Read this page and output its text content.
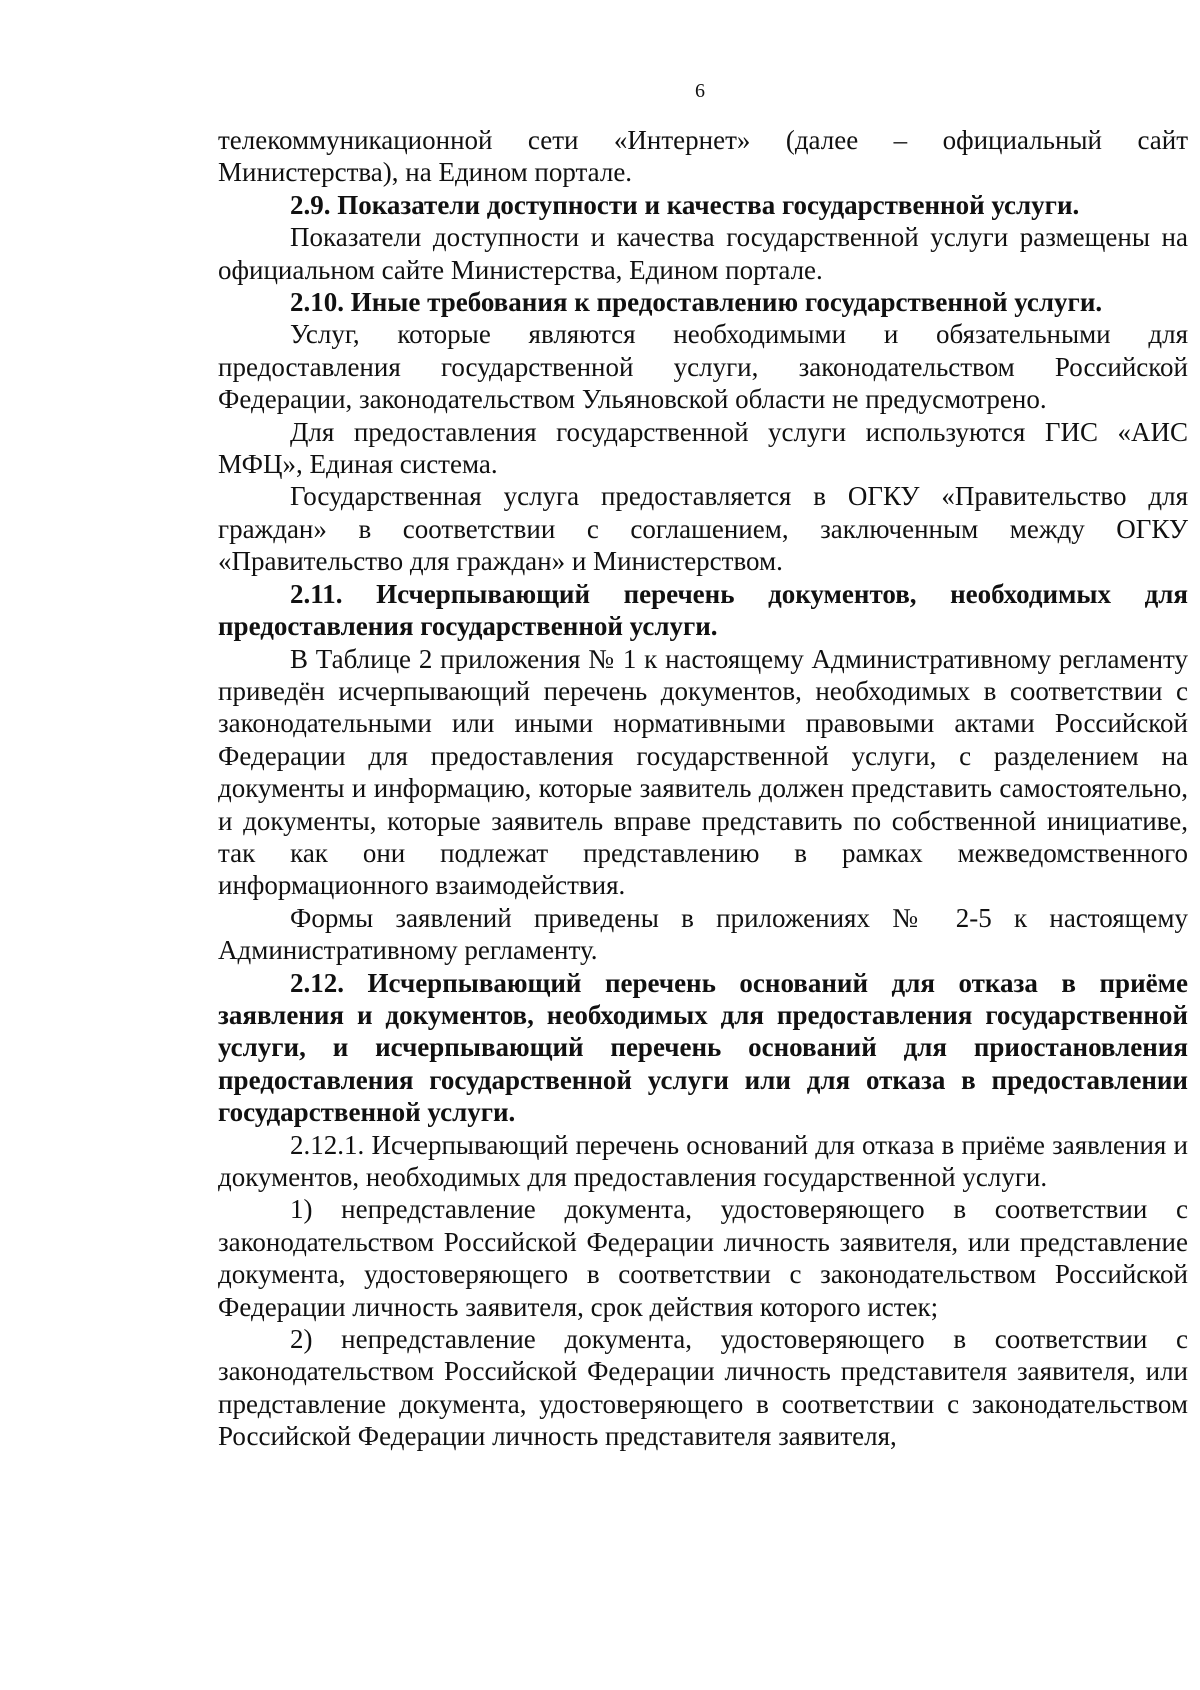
6

телекоммуникационной сети «Интернет» (далее – официальный сайт Министерства), на Едином портале.

2.9. Показатели доступности и качества государственной услуги.

Показатели доступности и качества государственной услуги размещены на официальном сайте Министерства, Едином портале.

2.10. Иные требования к предоставлению государственной услуги.

Услуг, которые являются необходимыми и обязательными для предоставления государственной услуги, законодательством Российской Федерации, законодательством Ульяновской области не предусмотрено.

Для предоставления государственной услуги используются ГИС «АИС МФЦ», Единая система.

Государственная услуга предоставляется в ОГКУ «Правительство для граждан» в соответствии с соглашением, заключенным между ОГКУ «Правительство для граждан» и Министерством.

2.11. Исчерпывающий перечень документов, необходимых для предоставления государственной услуги.

В Таблице 2 приложения № 1 к настоящему Административному регламенту приведён исчерпывающий перечень документов, необходимых в соответствии с законодательными или иными нормативными правовыми актами Российской Федерации для предоставления государственной услуги, с разделением на документы и информацию, которые заявитель должен представить самостоятельно, и документы, которые заявитель вправе представить по собственной инициативе, так как они подлежат представлению в рамках межведомственного информационного взаимодействия.

Формы заявлений приведены в приложениях № 2-5 к настоящему Административному регламенту.

2.12. Исчерпывающий перечень оснований для отказа в приёме заявления и документов, необходимых для предоставления государственной услуги, и исчерпывающий перечень оснований для приостановления предоставления государственной услуги или для отказа в предоставлении государственной услуги.

2.12.1. Исчерпывающий перечень оснований для отказа в приёме заявления и документов, необходимых для предоставления государственной услуги.

1) непредставление документа, удостоверяющего в соответствии с законодательством Российской Федерации личность заявителя, или представление документа, удостоверяющего в соответствии с законодательством Российской Федерации личность заявителя, срок действия которого истек;

2) непредставление документа, удостоверяющего в соответствии с законодательством Российской Федерации личность представителя заявителя, или представление документа, удостоверяющего в соответствии с законодательством Российской Федерации личность представителя заявителя,
